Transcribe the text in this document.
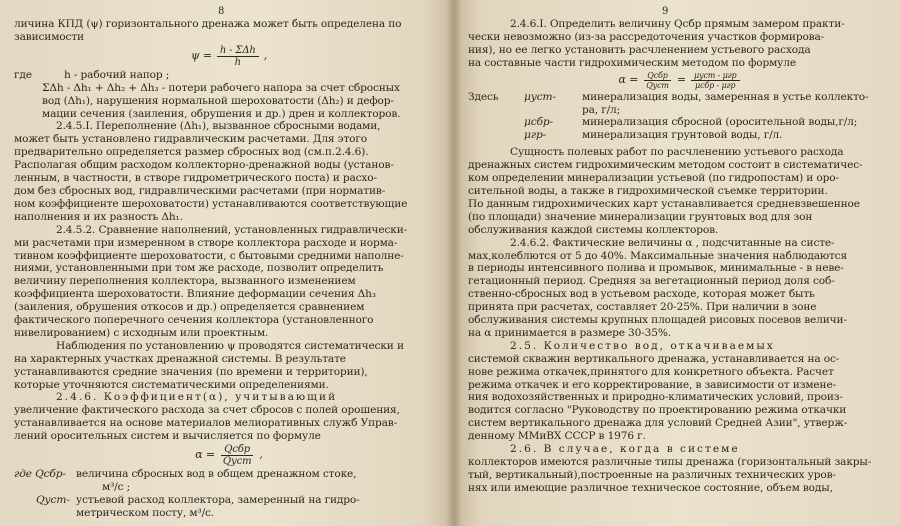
8

личина КПД (ψ) горизонтального дренажа может быть определена по

зависимости

$\psi = \frac{\text{h - ΣΔh}}{h}$ ,
где	h - рабочий напор ;

ΣΔh - Δh₁ + Δh₂ + Δh₃ - потери рабочего напора за счет сбросных

вод (Δh₁), нарушения нормальной шероховатости (Δh₂) и дефор-

мации сечения (заиления, обрушения и др.) дрен и коллекторов.

2.4.5.I. Переполнение (Δh₁), вызванное сбросными водами,

может быть установлено гидравлическим расчетами. Для этого

предварительно определяется размер сбросных вод (см.п.2.4.6).

Располагая общим расходом коллекторно-дренажной воды (установ-

ленным, в частности, в створе гидрометрического поста) и расхо-

дом без сбросных вод, гидравлическими расчетами (при норматив-

ном коэффициенте шероховатости) устанавливаются соответствующие

наполнения и их разность Δh₁.

2.4.5.2. Сравнение наполнений, установленных гидравлически-

ми расчетами при измеренном в створе коллектора расходе и норма-

тивном коэффициенте шероховатости, с бытовыми средними наполне-

ниями, установленными при том же расходе, позволит определить

величину переполнения коллектора, вызванного изменением

коэффициента шероховатости. Влияние деформации сечения Δh₃

(заиления, обрушения откосов и др.) определяется сравнением

фактического поперечного сечения коллектора (установленного

нивелированием) с исходным или проектным.

Наблюдения по установлению ψ проводятся систематически и

на характерных участках дренажной системы. В результате

устанавливаются средние значения (по времени и территории),

которые уточняются систематическими определениями.

2.4.6. Коэффициент(α), учитывающий

увеличение фактического расхода за счет сбросов с полей орошения,

устанавливается на основе материалов мелиоративных служб Управ-

лений оросительных систем и вычисляется по формуле

$\alpha = \frac{\text{Qсбр}}{\text{Qуст}}$ ,
где Qсбр- величина сбросных вод в общем дренажном стоке,

м³/с ;

Qуст- устьевой расход коллектора, замеренный на гидро-

метрическом посту, м³/с.

9

2.4.6.I. Определить величину Qсбр прямым замером практи-

чески невозможно (из-за рассредоточения участков формирова-

ния), но ее легко установить расчленением устьевого расхода

на составные части гидрохимическим методом по формуле

$\alpha = \frac{\text{Qсбр}}{\text{Qуст}} = \frac{\text{μуст - μгр}}{\text{μсбр - μгр}}$
Здесь	μуст-	минерализация воды, замеренная в устье коллекто-

ра, г/л;

μсбр-	минерализация сбросной (оросительной воды,г/л;
μгр-	минерализация грунтовой воды, г/л.

Сущность полевых работ по расчленению устьевого расхода

дренажных систем гидрохимическим методом состоит в систематичес-

ком определении минерализации устьевой (по гидропостам) и оро-

сительной воды, а также в гидрохимической съемке территории.

По данным гидрохимических карт устанавливается средневзвешенное

(по площади) значение минерализации грунтовых вод для зон

обслуживания каждой системы коллекторов.

2.4.6.2. Фактические величины α , подсчитанные на систе-

мах,колеблются от 5 до 40%. Максимальные значения наблюдаются

в периоды интенсивного полива и промывок, минимальные - в неве-

гетационный период. Средняя за вегетационный период доля соб-

ственно-сбросных вод в устьевом расходе, которая может быть

принята при расчетах, составляет 20-25%. При наличии в зоне

обслуживания системы крупных площадей рисовых посевов величи-

на α принимается в размере 30-35%.

2.5. Количество вод, откачиваемых

системой скважин вертикального дренажа, устанавливается на ос-

нове режима откачек,принятого для конкретного объекта. Расчет

режима откачек и его корректирование, в зависимости от измене-

ния водохозяйственных и природно-климатических условий, произ-

водится согласно "Руководству по проектированию режима откачки

систем вертикального дренажа для условий Средней Азии", утверж-

денному ММиВХ СССР в 1976 г.

2.6. В случае, когда в системе

коллекторов имеются различные типы дренажа (горизонтальный закры-

тый, вертикальный),построенные на различных технических уров-

нях или имеющие различное техническое состояние, объем воды,
